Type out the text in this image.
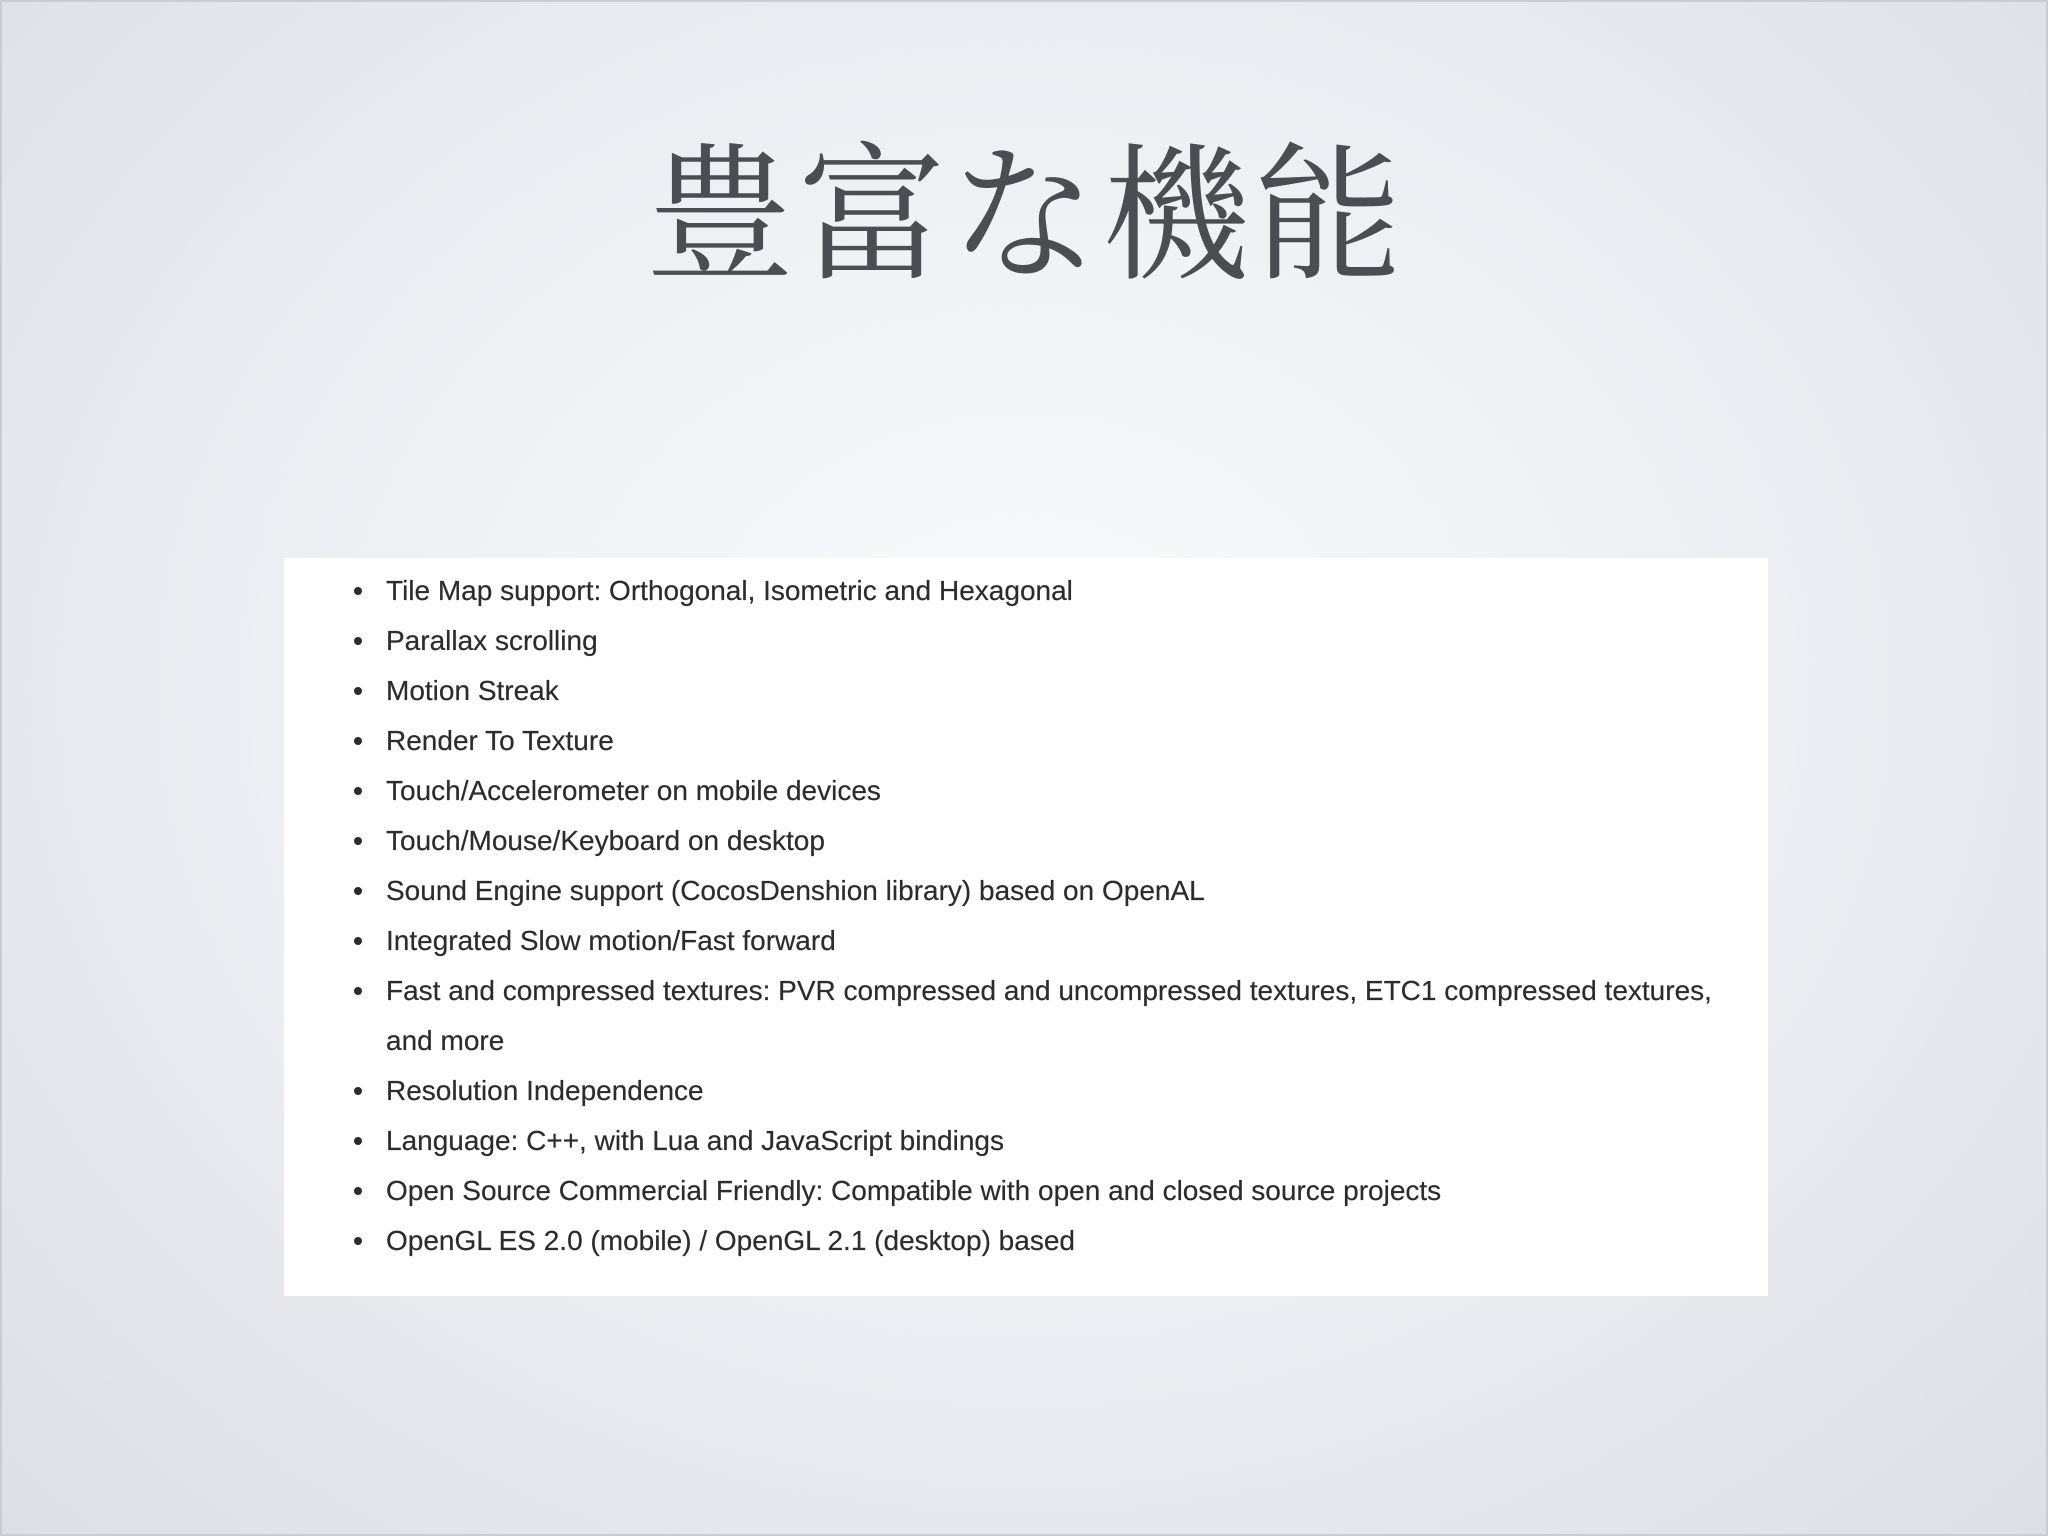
豊富な機能
Tile Map support: Orthogonal, Isometric and Hexagonal
Parallax scrolling
Motion Streak
Render To Texture
Touch/Accelerometer on mobile devices
Touch/Mouse/Keyboard on desktop
Sound Engine support (CocosDenshion library) based on OpenAL
Integrated Slow motion/Fast forward
Fast and compressed textures: PVR compressed and uncompressed textures, ETC1 compressed textures, and more
Resolution Independence
Language: C++, with Lua and JavaScript bindings
Open Source Commercial Friendly: Compatible with open and closed source projects
OpenGL ES 2.0 (mobile) / OpenGL 2.1 (desktop) based
